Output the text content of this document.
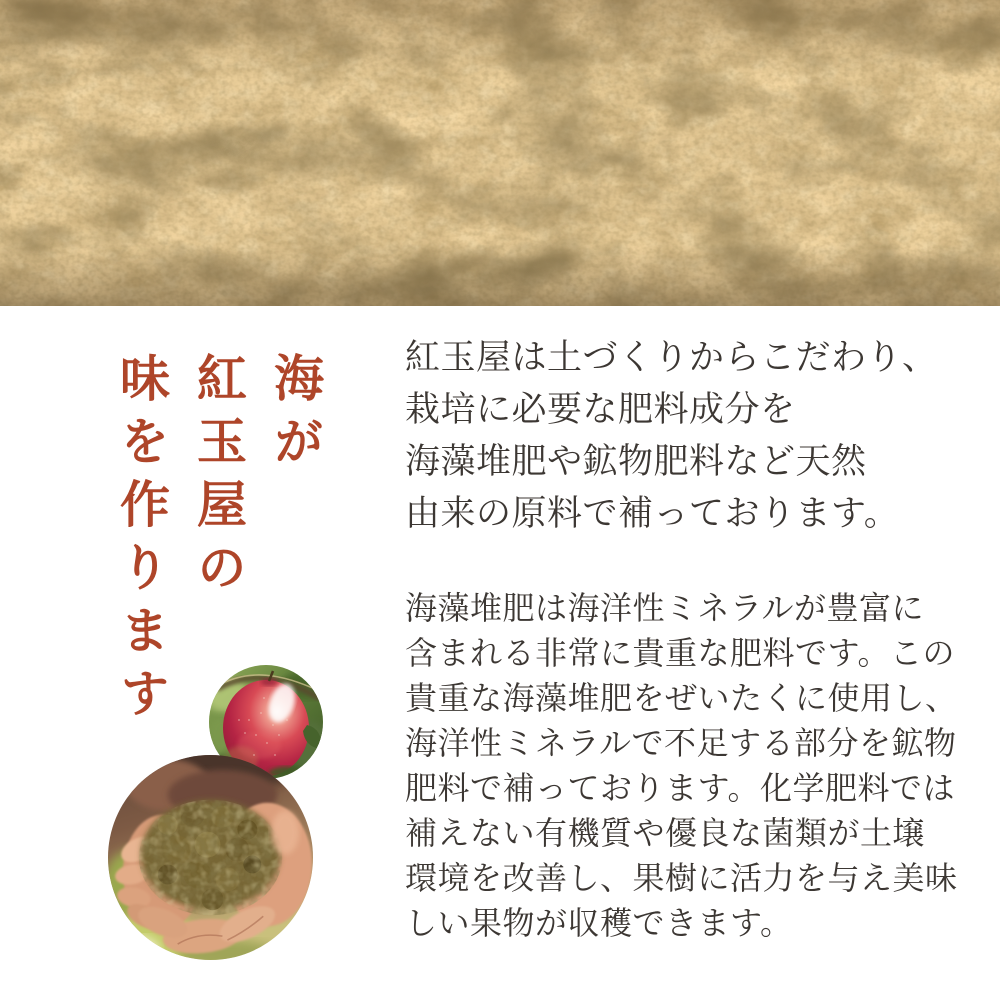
海が
紅玉屋の
味を作ります	紅玉屋は土づくりからこだわり、
栽培に必要な肥料成分を
海藻堆肥や鉱物肥料など天然
由来の原料で補っております。
海藻堆肥は海洋性ミネラルが豊富に
含まれる非常に貴重な肥料です。この
貴重な海藻堆肥をぜいたくに使用し、
海洋性ミネラルで不足する部分を鉱物
肥料で補っております。化学肥料では
補えない有機質や優良な菌類が土壌
環境を改善し、果樹に活力を与え美味
しい果物が収穫できます。
